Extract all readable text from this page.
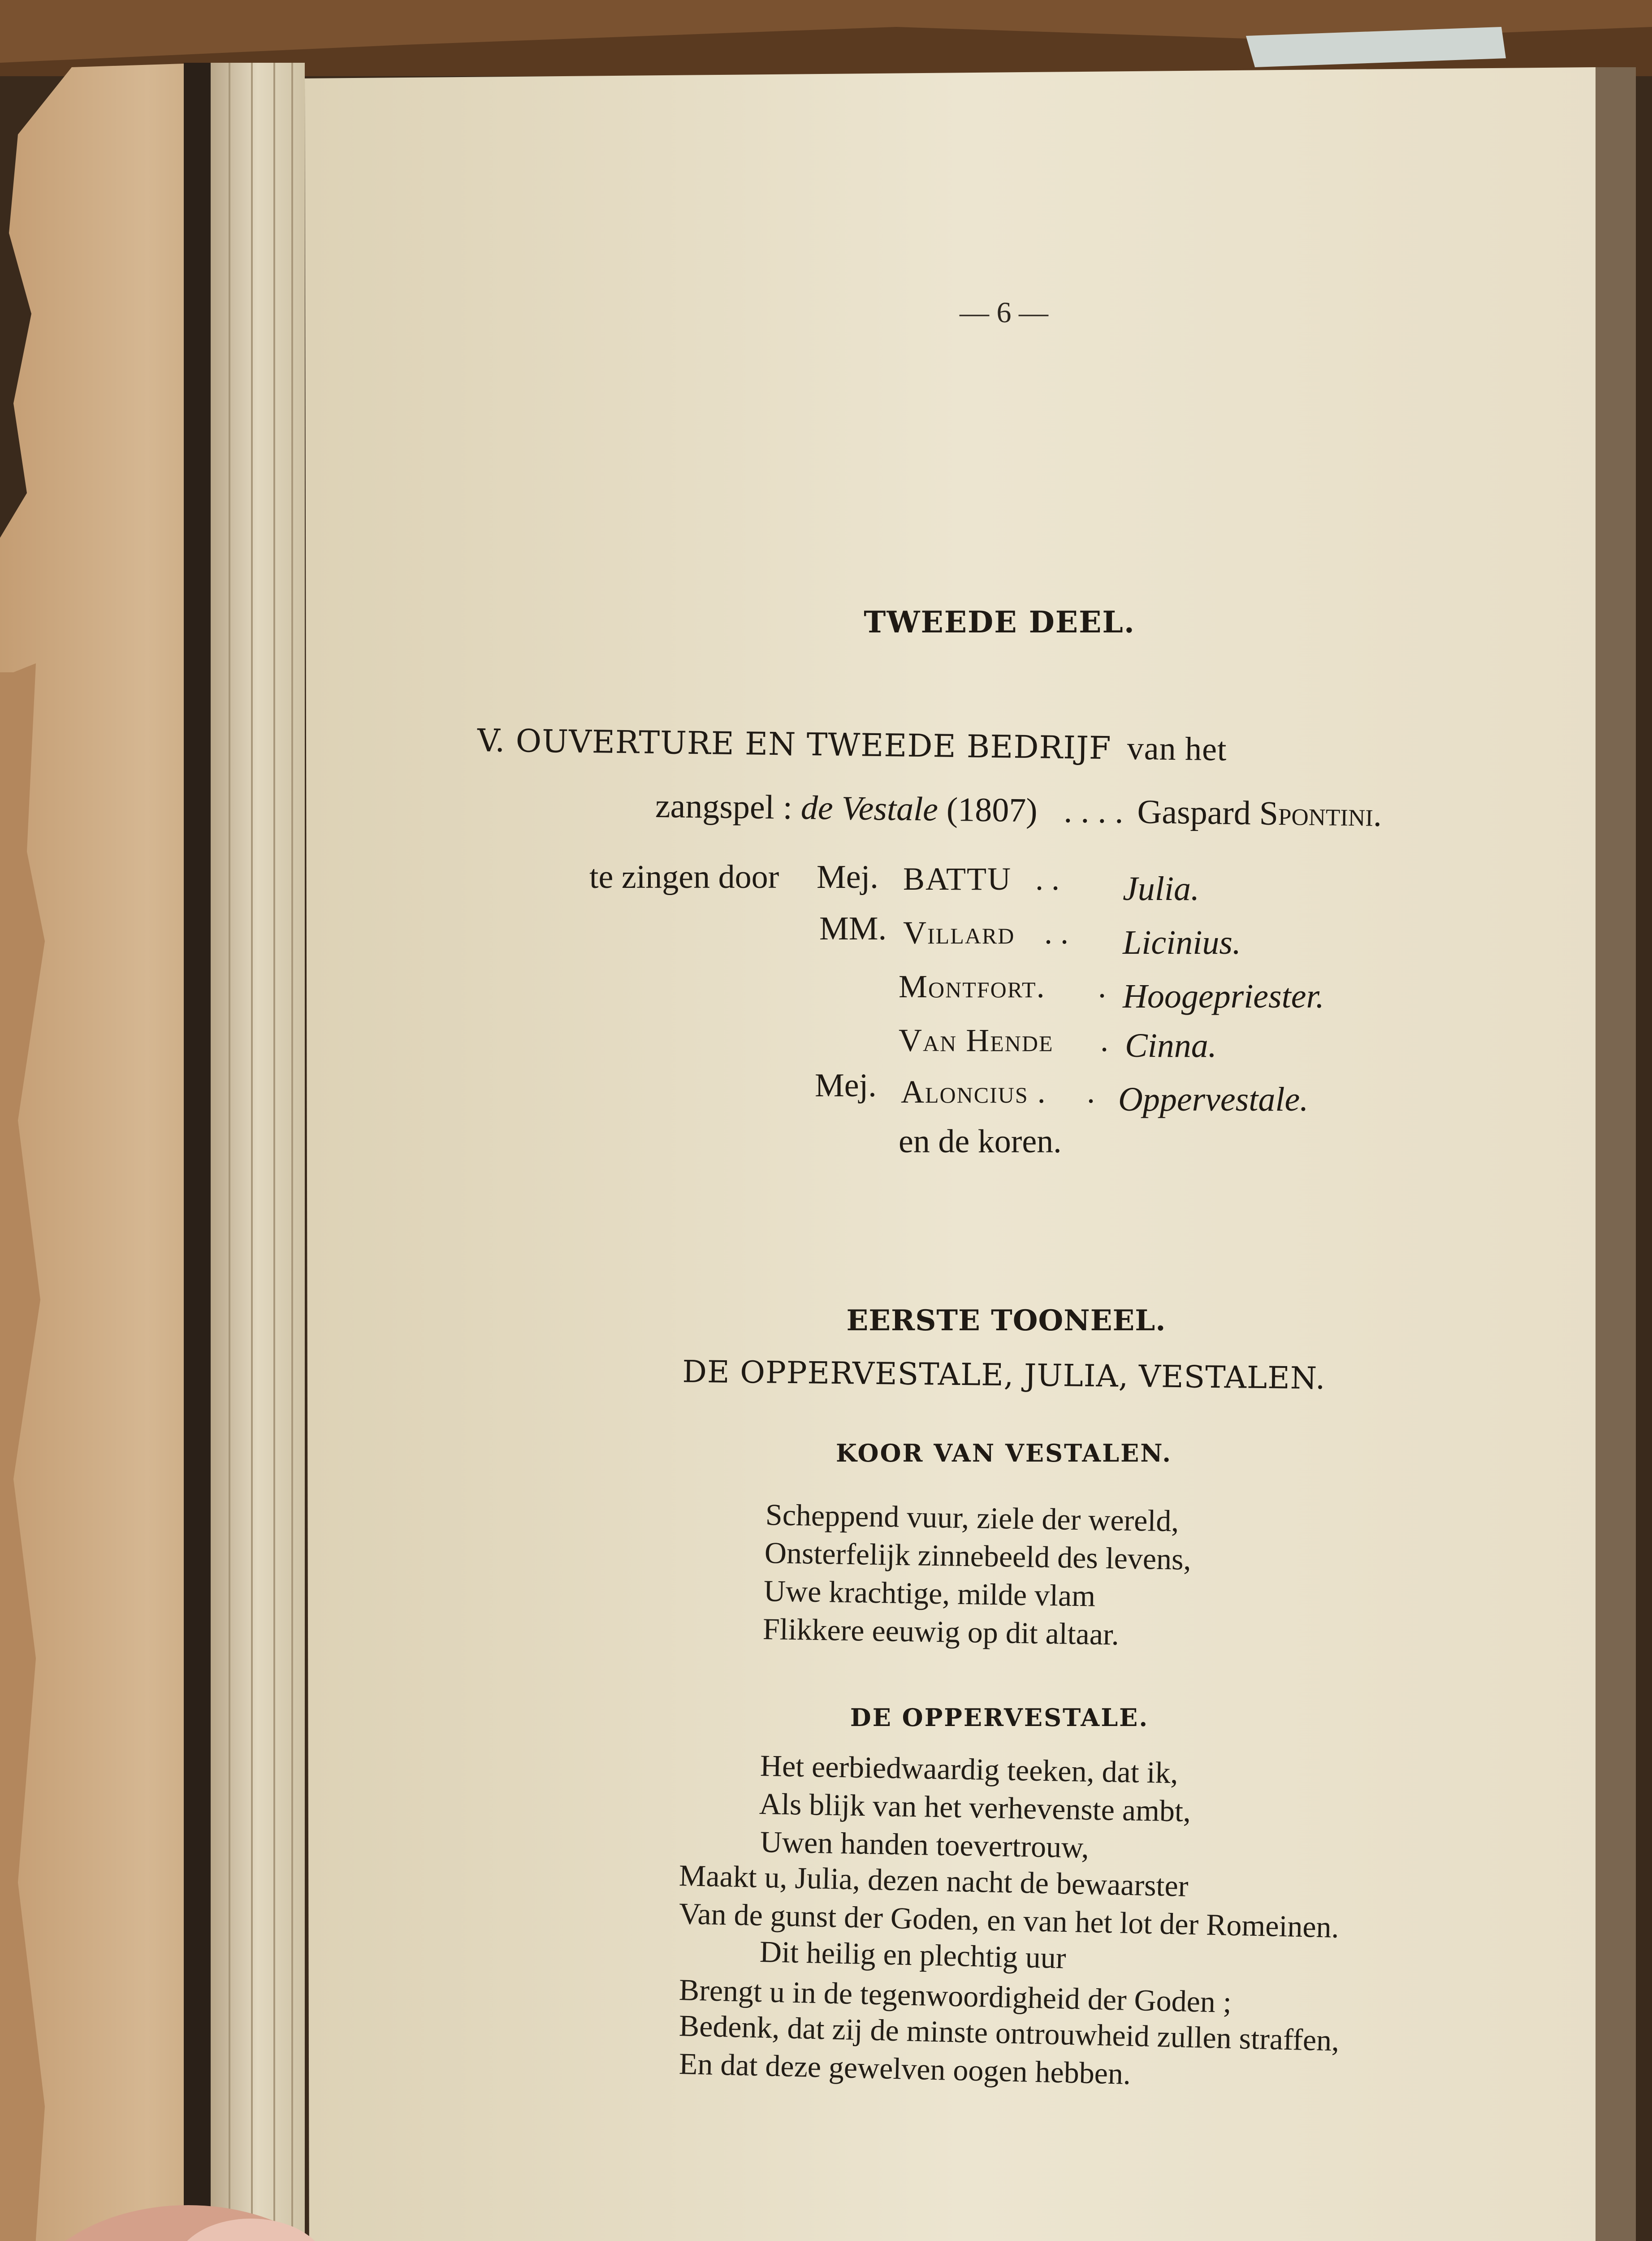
— 6 —
TWEEDE DEEL.
V. OUVERTURE EN TWEEDE BEDRIJF van het
zangspel : de Vestale (1807) . . . . Gaspard Spontini.
te zingen door Mej. BATTU . . Julia.
MM. Villard . . Licinius.
Montfort. . Hoogepriester.
Van Hende . Cinna.
Mej. Aloncius . . Oppervestale.
en de koren.
EERSTE TOONEEL.
DE OPPERVESTALE, JULIA, VESTALEN.
KOOR VAN VESTALEN.
Scheppend vuur, ziele der wereld,
Onsterfelijk zinnebeeld des levens,
Uwe krachtige, milde vlam
Flikkere eeuwig op dit altaar.
DE OPPERVESTALE.
Het eerbiedwaardig teeken, dat ik,
Als blijk van het verhevenste ambt,
Uwen handen toevertrouw,
Maakt u, Julia, dezen nacht de bewaarster
Van de gunst der Goden, en van het lot der Romeinen.
Dit heilig en plechtig uur
Brengt u in de tegenwoordigheid der Goden ;
Bedenk, dat zij de minste ontrouwheid zullen straffen,
En dat deze gewelven oogen hebben.
